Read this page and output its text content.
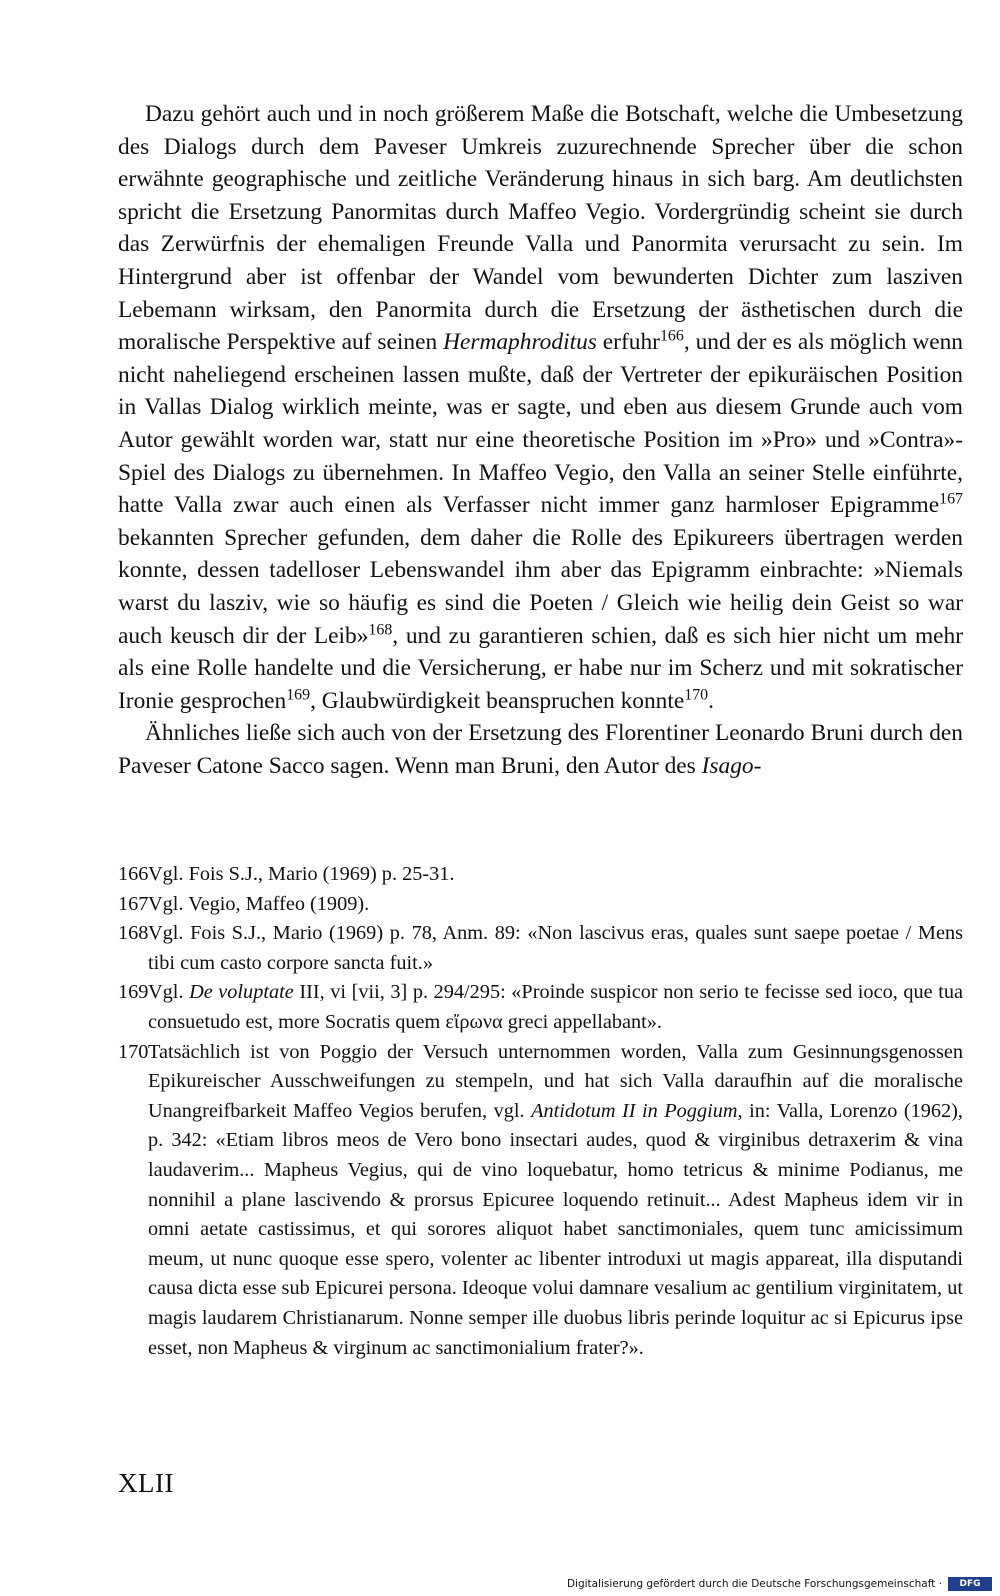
Dazu gehört auch und in noch größerem Maße die Botschaft, welche die Umbesetzung des Dialogs durch dem Paveser Umkreis zuzurechnende Sprecher über die schon erwähnte geographische und zeitliche Veränderung hinaus in sich barg. Am deutlichsten spricht die Ersetzung Panormitas durch Maffeo Vegio. Vordergründig scheint sie durch das Zerwürfnis der ehemaligen Freunde Valla und Panormita verursacht zu sein. Im Hintergrund aber ist offenbar der Wandel vom bewunderten Dichter zum lasziven Lebemann wirksam, den Panormita durch die Ersetzung der ästhetischen durch die moralische Perspektive auf seinen Hermaphroditus erfuhr$^{166}$, und der es als möglich wenn nicht naheliegend erscheinen lassen mußte, daß der Vertreter der epikuräischen Position in Vallas Dialog wirklich meinte, was er sagte, und eben aus diesem Grunde auch vom Autor gewählt worden war, statt nur eine theoretische Position im »Pro» und »Contra»- Spiel des Dialogs zu übernehmen. In Maffeo Vegio, den Valla an seiner Stelle einführte, hatte Valla zwar auch einen als Verfasser nicht immer ganz harmloser Epigramme$^{167}$ bekannten Sprecher gefunden, dem daher die Rolle des Epikureers übertragen werden konnte, dessen tadelloser Lebenswandel ihm aber das Epigramm einbrachte: »Niemals warst du lasziv, wie so häufig es sind die Poeten / Gleich wie heilig dein Geist so war auch keusch dir der Leib»$^{168}$, und zu garantieren schien, daß es sich hier nicht um mehr als eine Rolle handelte und die Versicherung, er habe nur im Scherz und mit sokratischer Ironie gesprochen$^{169}$, Glaubwürdigkeit beanspruchen konnte$^{170}$.

Ähnliches ließe sich auch von der Ersetzung des Florentiner Leonardo Bruni durch den Paveser Catone Sacco sagen. Wenn man Bruni, den Autor des Isago-

166 Vgl. Fois S.J., Mario (1969) p. 25-31.

167 Vgl. Vegio, Maffeo (1909).

168 Vgl. Fois S.J., Mario (1969) p. 78, Anm. 89: «Non lascivus eras, quales sunt saepe poetae / Mens tibi cum casto corpore sancta fuit.»

169 Vgl. De voluptate III, vi [vii, 3] p. 294/295: «Proinde suspicor non serio te fecisse sed ioco, que tua consuetudo est, more Socratis quem εἴρωνα greci appellabant».

170 Tatsächlich ist von Poggio der Versuch unternommen worden, Valla zum Gesinnungsgenossen Epikureischer Ausschweifungen zu stempeln, und hat sich Valla daraufhin auf die moralische Unangreifbarkeit Maffeo Vegios berufen, vgl. Antidotum II in Poggium, in: Valla, Lorenzo (1962), p. 342: «Etiam libros meos de Vero bono insectari audes, quod & virginibus detraxerim & vina laudaverim... Mapheus Vegius, qui de vino loquebatur, homo tetricus & minime Podianus, me nonnihil a plane lascivendo & prorsus Epicuree loquendo retinuit... Adest Mapheus idem vir in omni aetate castissimus, et qui sorores aliquot habet sanctimoniales, quem tunc amicissimum meum, ut nunc quoque esse spero, volenter ac libenter introduxi ut magis appareat, illa disputandi causa dicta esse sub Epicurei persona. Ideoque volui damnare vesalium ac gentilium virginitatem, ut magis laudarem Christianarum. Nonne semper ille duobus libris perinde loquitur ac si Epicurus ipse esset, non Mapheus & virginum ac sanctimonialium frater?».

XLII
Digitalisierung gefördert durch die Deutsche Forschungsgemeinschaft ·	DFG
